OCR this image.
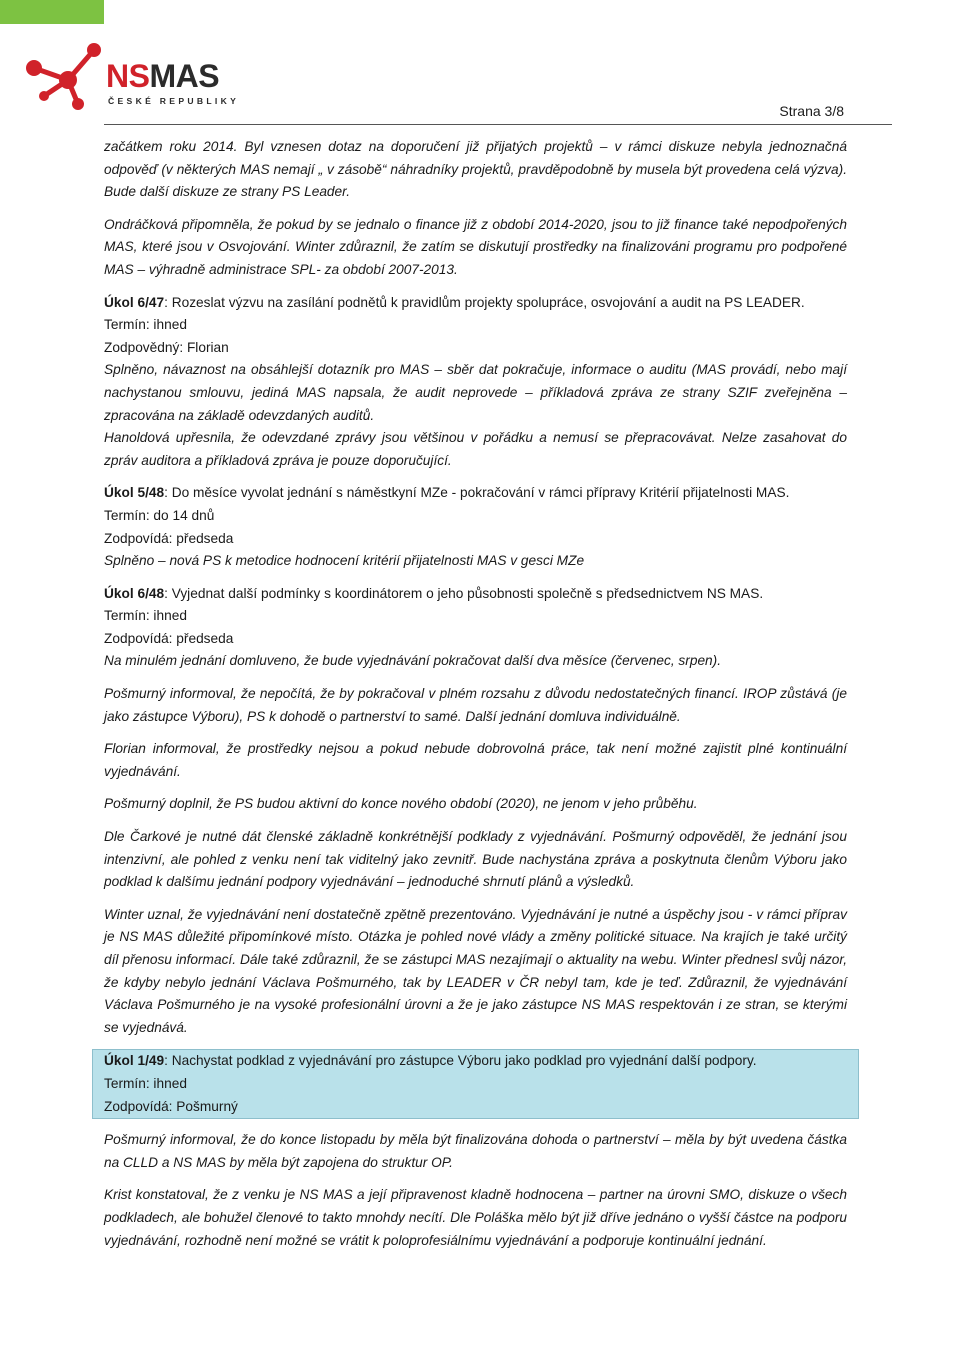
NSMAS
ČESKÉ REPUBLIKY
Strana 3/8

začátkem roku 2014. Byl vznesen dotaz na doporučení již přijatých projektů – v rámci diskuze nebyla jednoznačná odpověď (v některých MAS nemají „ v zásobě“ náhradníky projektů, pravděpodobně by musela být provedena celá výzva). Bude další diskuze ze strany PS Leader.

Ondráčková připomněla, že pokud by se jednalo o finance již z období 2014-2020, jsou to již finance také nepodpořených MAS, které jsou v Osvojování. Winter zdůraznil, že zatím se diskutují prostředky na finalizováni programu pro podpořené MAS – výhradně administrace SPL- za období 2007-2013.

Úkol 6/47: Rozeslat výzvu na zasílání podnětů k pravidlům projekty spolupráce, osvojování a audit na PS LEADER.

Termín: ihned

Zodpovědný: Florian

Splněno, návaznost na obsáhlejší dotazník pro MAS – sběr dat pokračuje, informace o auditu (MAS provádí, nebo mají nachystanou smlouvu, jediná MAS napsala, že audit neprovede – příkladová zpráva ze strany SZIF zveřejněna – zpracována na základě odevzdaných auditů.

Hanoldová upřesnila, že odevzdané zprávy jsou většinou v pořádku a nemusí se přepracovávat. Nelze zasahovat do zpráv auditora a příkladová zpráva je pouze doporučující.

Úkol 5/48: Do měsíce vyvolat jednání s náměstkyní MZe - pokračování v rámci přípravy Kritérií přijatelnosti MAS.

Termín: do 14 dnů

Zodpovídá: předseda

Splněno – nová PS k metodice hodnocení kritérií přijatelnosti MAS v gesci MZe

Úkol 6/48: Vyjednat další podmínky s koordinátorem o jeho působnosti společně s předsednictvem NS MAS.

Termín: ihned

Zodpovídá: předseda

Na minulém jednání domluveno, že bude vyjednávání pokračovat další dva měsíce (červenec, srpen).

Pošmurný informoval, že nepočítá, že by pokračoval v plném rozsahu z důvodu nedostatečných financí. IROP zůstává (je jako zástupce Výboru), PS k dohodě o partnerství to samé. Další jednání domluva individuálně.

Florian informoval, že prostředky nejsou a pokud nebude dobrovolná práce, tak není možné zajistit plné kontinuální vyjednávání.

Pošmurný doplnil, že PS budou aktivní do konce nového období (2020), ne jenom v jeho průběhu.

Dle Čarkové je nutné dát členské základně konkrétnější podklady z vyjednávání. Pošmurný odpověděl, že jednání jsou intenzivní, ale pohled z venku není tak viditelný jako zevnitř. Bude nachystána zpráva a poskytnuta členům Výboru jako podklad k dalšímu jednání podpory vyjednávání – jednoduché shrnutí plánů a výsledků.

Winter uznal, že vyjednávání není dostatečně zpětně prezentováno. Vyjednávání je nutné a úspěchy jsou - v rámci příprav je NS MAS důležité připomínkové místo. Otázka je pohled nové vlády a změny politické situace. Na krajích je také určitý díl přenosu informací. Dále také zdůraznil, že se zástupci MAS nezajímají o aktuality na webu. Winter přednesl svůj názor, že kdyby nebylo jednání Václava Pošmurného, tak by LEADER v ČR nebyl tam, kde je teď. Zdůraznil, že vyjednávání Václava Pošmurného je na vysoké profesionální úrovni a že je jako zástupce NS MAS respektován i ze stran, se kterými se vyjednává.

Úkol 1/49: Nachystat podklad z vyjednávání pro zástupce Výboru jako podklad pro vyjednání další podpory.

Termín: ihned

Zodpovídá: Pošmurný

Pošmurný informoval, že do konce listopadu by měla být finalizována dohoda o partnerství – měla by být uvedena částka na CLLD a NS MAS by měla být zapojena do struktur OP.

Krist konstatoval, že z venku je NS MAS a její připravenost kladně hodnocena – partner na úrovni SMO, diskuze o všech podkladech, ale bohužel členové to takto mnohdy necítí. Dle Poláška mělo být již dříve jednáno o vyšší částce na podporu vyjednávání, rozhodně není možné se vrátit k poloprofesiálnímu vyjednávání a podporuje kontinuální jednání.
